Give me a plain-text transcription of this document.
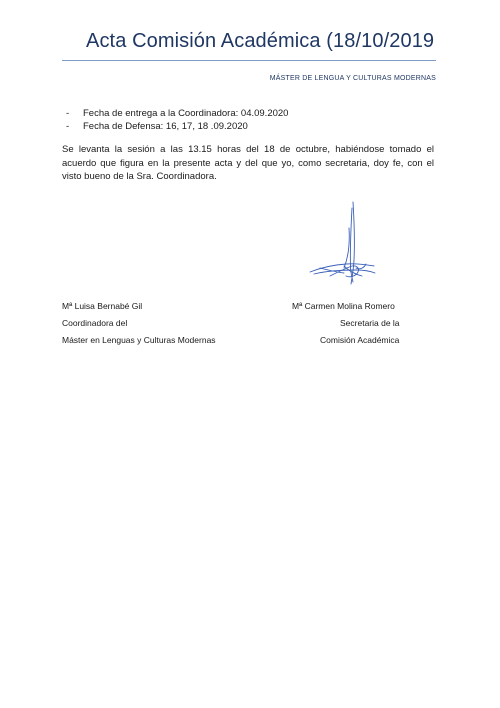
Acta Comisión Académica (18/10/2019
MÁSTER DE LENGUA Y CULTURAS MODERNAS
- Fecha de entrega a la Coordinadora: 04.09.2020
- Fecha de Defensa: 16, 17, 18 .09.2020

Se levanta la sesión a las 13.15 horas del 18 de octubre, habiéndose tomado el acuerdo que figura en la presente acta y del que yo, como secretaria, doy fe, con el visto bueno de la Sra. Coordinadora.

Mª Luisa Bernabé Gil
Coordinadora del
Máster en Lenguas y Culturas Modernas
Mª Carmen Molina Romero
Secretaria de la
Comisión Académica
